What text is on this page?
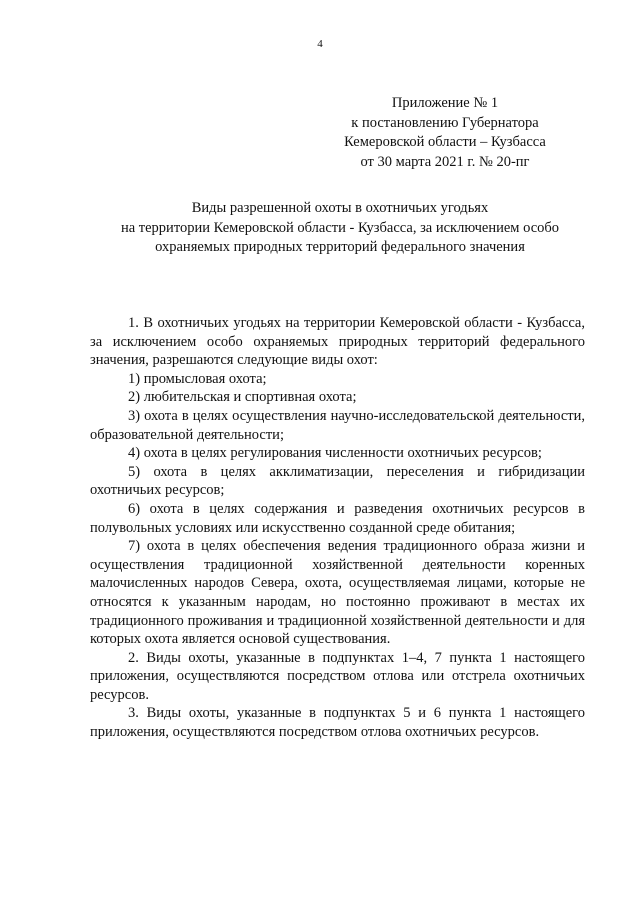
4
Приложение № 1
к постановлению Губернатора
Кемеровской области – Кузбасса
от 30 марта 2021 г. № 20-пг
Виды разрешенной охоты в охотничьих угодьях
на территории Кемеровской области - Кузбасса, за исключением особо
охраняемых природных территорий федерального значения

1. В охотничьих угодьях на территории Кемеровской области - Кузбасса, за исключением особо охраняемых природных территорий федерального значения, разрешаются следующие виды охот:

1) промысловая охота;

2) любительская и спортивная охота;

3) охота в целях осуществления научно-исследовательской деятельности, образовательной деятельности;

4) охота в целях регулирования численности охотничьих ресурсов;

5) охота в целях акклиматизации, переселения и гибридизации охотничьих ресурсов;

6) охота в целях содержания и разведения охотничьих ресурсов в полувольных условиях или искусственно созданной среде обитания;

7) охота в целях обеспечения ведения традиционного образа жизни и осуществления традиционной хозяйственной деятельности коренных малочисленных народов Севера, охота, осуществляемая лицами, которые не относятся к указанным народам, но постоянно проживают в местах их традиционного проживания и традиционной хозяйственной деятельности и для которых охота является основой существования.

2. Виды охоты, указанные в подпунктах 1–4, 7 пункта 1 настоящего приложения, осуществляются посредством отлова или отстрела охотничьих ресурсов.

3. Виды охоты, указанные в подпунктах 5 и 6 пункта 1 настоящего приложения, осуществляются посредством отлова охотничьих ресурсов.
